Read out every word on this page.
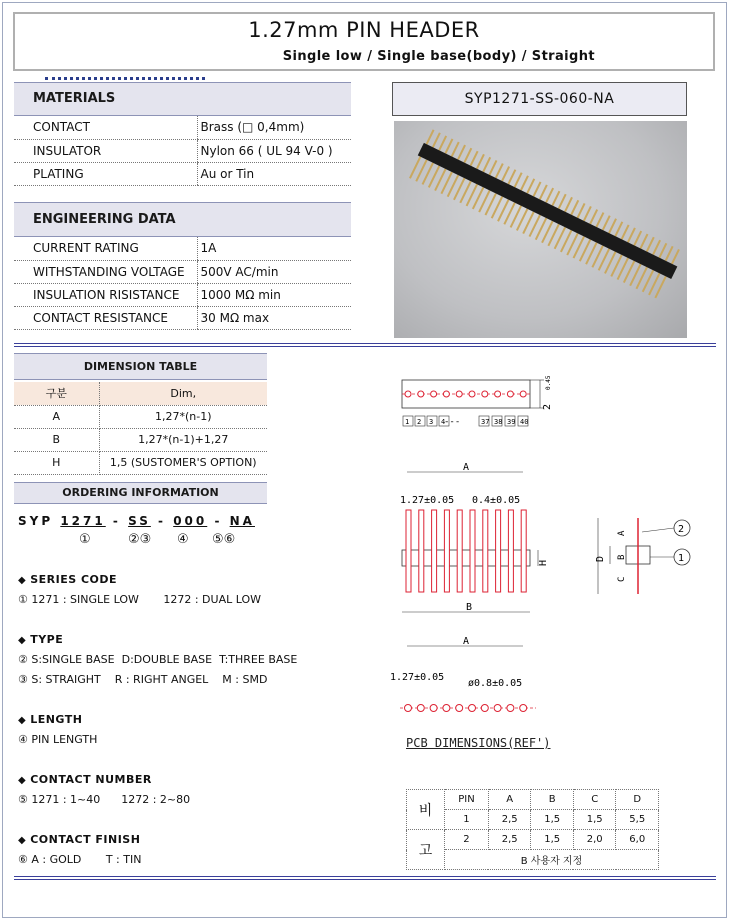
1.27mm PIN HEADER
Single low / Single base(body) / Straight
MATERIALS
CONTACT	Brass (□ 0,4mm)
INSULATOR	Nylon 66 ( UL 94 V-0 )
PLATING	Au or Tin
ENGINEERING DATA
CURRENT RATING	1A
WITHSTANDING VOLTAGE	500V AC/min
INSULATION RISISTANCE	1000 MΩ min
CONTACT RESISTANCE	30 MΩ max
SYP1271-SS-060-NA
DIMENSION TABLE
구분	Dim,
A	1,27*(n-1)
B	1,27*(n-1)+1,27
H	1,5 (SUSTOMER'S OPTION)
ORDERING INFORMATION
SYP 1271 - SS - 000 - NA
①	②③ ④ ⑤⑥
◆ SERIES CODE
① 1271 : SINGLE LOW       1272 : DUAL LOW
◆ TYPE
② S:SINGLE BASE  D:DOUBLE BASE  T:THREE BASE
③ S: STRAIGHT    R : RIGHT ANGEL    M : SMD
◆ LENGTH
④ PIN LENGTH
◆ CONTACT NUMBER
⑤ 1271 : 1~40      1272 : 2~80
◆ CONTACT FINISH
⑥ A : GOLD       T : TIN
2
0.45
1 2 3 4	37 38 39 40
---
A
1.27±0.05 0.4±0.05
B
H
D
A
B
C
2
1
A
1.27±0.05
ø0.8±0.05
PCB DIMENSIONS(REF')
비	PIN	A	B	C	D
	1	2,5	1,5	1,5	5,5
고	2	2,5	1,5	2,0	6,0
	B 사용자 지정				
